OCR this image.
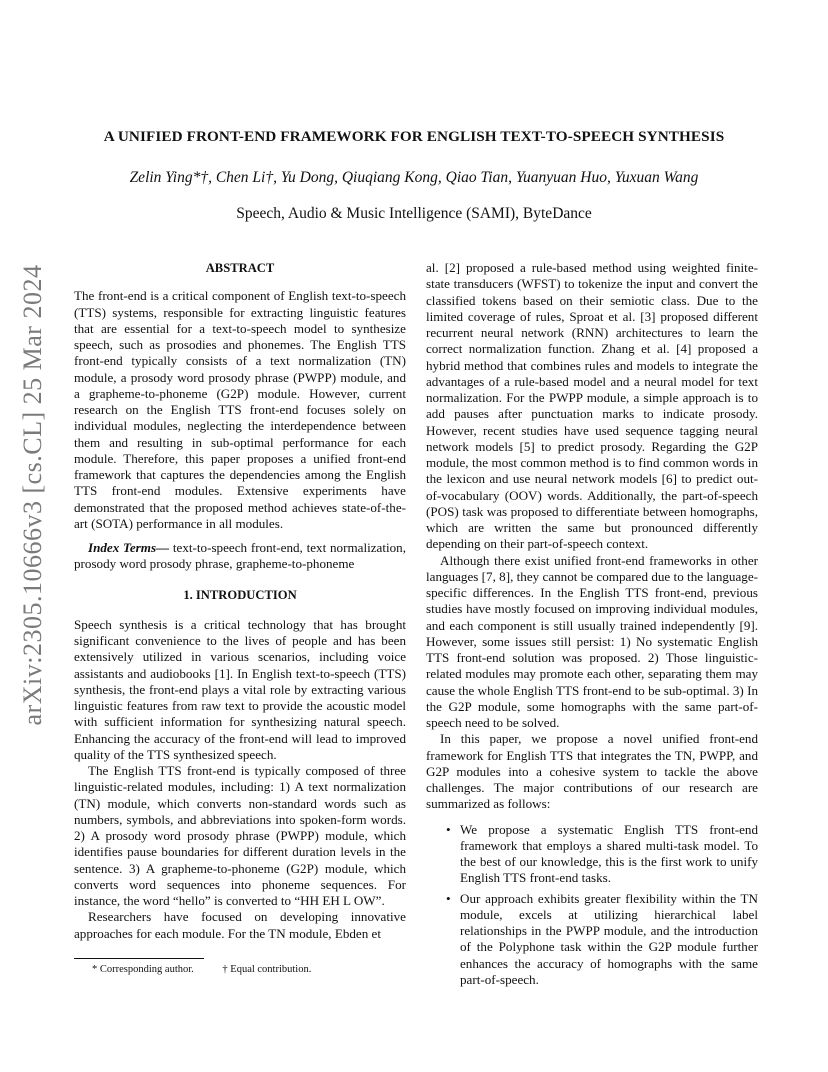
arXiv:2305.10666v3 [cs.CL] 25 Mar 2024
A UNIFIED FRONT-END FRAMEWORK FOR ENGLISH TEXT-TO-SPEECH SYNTHESIS
Zelin Ying*†, Chen Li†, Yu Dong, Qiuqiang Kong, Qiao Tian, Yuanyuan Huo, Yuxuan Wang
Speech, Audio & Music Intelligence (SAMI), ByteDance
ABSTRACT

The front-end is a critical component of English text-to-speech (TTS) systems, responsible for extracting linguistic features that are essential for a text-to-speech model to synthesize speech, such as prosodies and phonemes. The English TTS front-end typically consists of a text normalization (TN) module, a prosody word prosody phrase (PWPP) module, and a grapheme-to-phoneme (G2P) module. However, current research on the English TTS front-end focuses solely on individual modules, neglecting the interdependence between them and resulting in sub-optimal performance for each module. Therefore, this paper proposes a unified front-end framework that captures the dependencies among the English TTS front-end modules. Extensive experiments have demonstrated that the proposed method achieves state-of-the-art (SOTA) performance in all modules.

Index Terms— text-to-speech front-end, text normalization, prosody word prosody phrase, grapheme-to-phoneme

1. INTRODUCTION

Speech synthesis is a critical technology that has brought significant convenience to the lives of people and has been extensively utilized in various scenarios, including voice assistants and audiobooks [1]. In English text-to-speech (TTS) synthesis, the front-end plays a vital role by extracting various linguistic features from raw text to provide the acoustic model with sufficient information for synthesizing natural speech. Enhancing the accuracy of the front-end will lead to improved quality of the TTS synthesized speech.

The English TTS front-end is typically composed of three linguistic-related modules, including: 1) A text normalization (TN) module, which converts non-standard words such as numbers, symbols, and abbreviations into spoken-form words. 2) A prosody word prosody phrase (PWPP) module, which identifies pause boundaries for different duration levels in the sentence. 3) A grapheme-to-phoneme (G2P) module, which converts word sequences into phoneme sequences. For instance, the word “hello” is converted to “HH EH L OW”.

Researchers have focused on developing innovative approaches for each module. For the TN module, Ebden et

al. [2] proposed a rule-based method using weighted finite-state transducers (WFST) to tokenize the input and convert the classified tokens based on their semiotic class. Due to the limited coverage of rules, Sproat et al. [3] proposed different recurrent neural network (RNN) architectures to learn the correct normalization function. Zhang et al. [4] proposed a hybrid method that combines rules and models to integrate the advantages of a rule-based model and a neural model for text normalization. For the PWPP module, a simple approach is to add pauses after punctuation marks to indicate prosody. However, recent studies have used sequence tagging neural network models [5] to predict prosody. Regarding the G2P module, the most common method is to find common words in the lexicon and use neural network models [6] to predict out-of-vocabulary (OOV) words. Additionally, the part-of-speech (POS) task was proposed to differentiate between homographs, which are written the same but pronounced differently depending on their part-of-speech context.

Although there exist unified front-end frameworks in other languages [7, 8], they cannot be compared due to the language-specific differences. In the English TTS front-end, previous studies have mostly focused on improving individual modules, and each component is still usually trained independently [9]. However, some issues still persist: 1) No systematic English TTS front-end solution was proposed. 2) Those linguistic-related modules may promote each other, separating them may cause the whole English TTS front-end to be sub-optimal. 3) In the G2P module, some homographs with the same part-of-speech need to be solved.

In this paper, we propose a novel unified front-end framework for English TTS that integrates the TN, PWPP, and G2P modules into a cohesive system to tackle the above challenges. The major contributions of our research are summarized as follows:

• We propose a systematic English TTS front-end framework that employs a shared multi-task model. To the best of our knowledge, this is the first work to unify English TTS front-end tasks.
• Our approach exhibits greater flexibility within the TN module, excels at utilizing hierarchical label relationships in the PWPP module, and the introduction of the Polyphone task within the G2P module further enhances the accuracy of homographs with the same part-of-speech.
* Corresponding author.	† Equal contribution.
